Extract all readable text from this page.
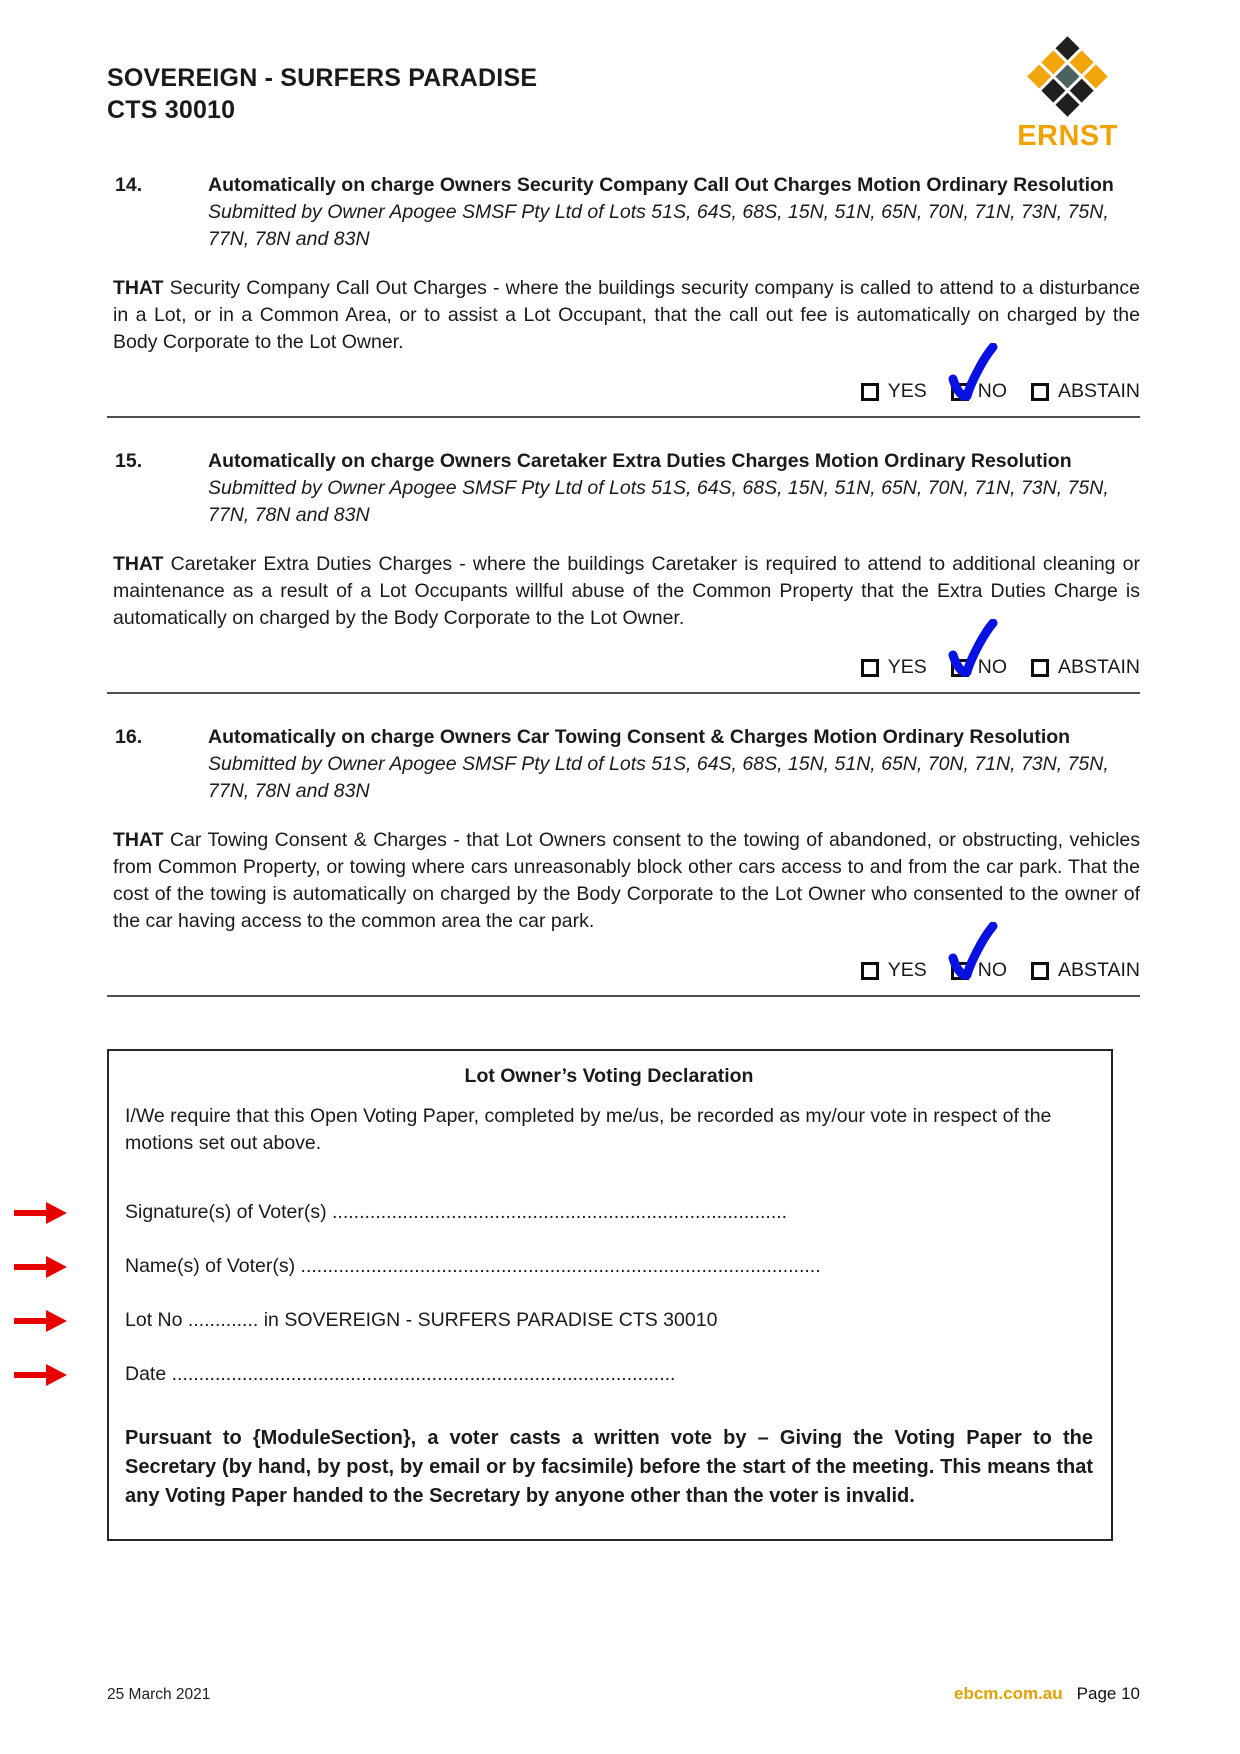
SOVEREIGN - SURFERS PARADISE
CTS 30010
ERNST
14.	Automatically on charge Owners Security Company Call Out Charges Motion Ordinary Resolution
Submitted by Owner Apogee SMSF Pty Ltd of Lots 51S, 64S, 68S, 15N, 51N, 65N, 70N, 71N, 73N, 75N, 77N, 78N and 83N

THAT Security Company Call Out Charges - where the buildings security company is called to attend to a disturbance in a Lot, or in a Common Area, or to assist a Lot Occupant, that the call out fee is automatically on charged by the Body Corporate to the Lot Owner.

YES	NO	ABSTAIN
15.	Automatically on charge Owners Caretaker Extra Duties Charges Motion Ordinary Resolution
Submitted by Owner Apogee SMSF Pty Ltd of Lots 51S, 64S, 68S, 15N, 51N, 65N, 70N, 71N, 73N, 75N, 77N, 78N and 83N

THAT Caretaker Extra Duties Charges - where the buildings Caretaker is required to attend to additional cleaning or maintenance as a result of a Lot Occupants willful abuse of the Common Property that the Extra Duties Charge is automatically on charged by the Body Corporate to the Lot Owner.

YES	NO	ABSTAIN
16.	Automatically on charge Owners Car Towing Consent & Charges Motion Ordinary Resolution
Submitted by Owner Apogee SMSF Pty Ltd of Lots 51S, 64S, 68S, 15N, 51N, 65N, 70N, 71N, 73N, 75N, 77N, 78N and 83N

THAT Car Towing Consent & Charges - that Lot Owners consent to the towing of abandoned, or obstructing, vehicles from Common Property, or towing where cars unreasonably block other cars access to and from the car park. That the cost of the towing is automatically on charged by the Body Corporate to the Lot Owner who consented to the owner of the car having access to the common area the car park.

YES	NO	ABSTAIN
Lot Owner’s Voting Declaration

I/We require that this Open Voting Paper, completed by me/us, be recorded as my/our vote in respect of the motions set out above.

Signature(s) of Voter(s) ....................................................................................
Name(s) of Voter(s) ................................................................................................
Lot No ............. in SOVEREIGN - SURFERS PARADISE CTS 30010
Date .............................................................................................

Pursuant to {ModuleSection}, a voter casts a written vote by – Giving the Voting Paper to the Secretary (by hand, by post, by email or by facsimile) before the start of the meeting. This means that any Voting Paper handed to the Secretary by anyone other than the voter is invalid.

25 March 2021	ebcm.com.au Page 10
